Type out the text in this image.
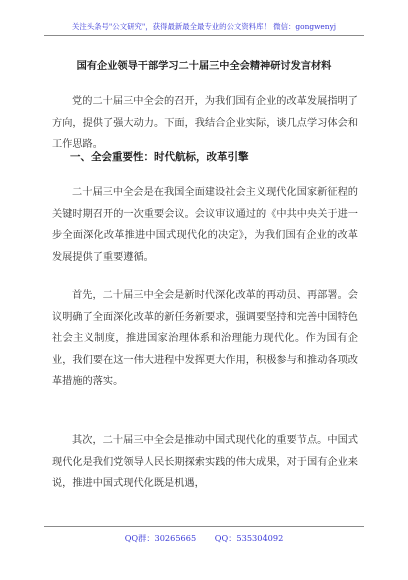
关注头条号"公文研究"，获得最新最全最专业的公文资料库！ 微信：gongwenyj
国有企业领导干部学习二十届三中全会精神研讨发言材料
党的二十届三中全会的召开，为我们国有企业的改革发展指明了方向，提供了强大动力。下面，我结合企业实际，谈几点学习体会和工作思路。
一、全会重要性：时代航标，改革引擎
二十届三中全会是在我国全面建设社会主义现代化国家新征程的关键时期召开的一次重要会议。会议审议通过的《中共中央关于进一步全面深化改革推进中国式现代化的决定》，为我们国有企业的改革发展提供了重要遵循。
首先，二十届三中全会是新时代深化改革的再动员、再部署。会议明确了全面深化改革的新任务新要求，强调要坚持和完善中国特色社会主义制度，推进国家治理体系和治理能力现代化。作为国有企业，我们要在这一伟大进程中发挥更大作用，积极参与和推动各项改革措施的落实。
其次，二十届三中全会是推动中国式现代化的重要节点。中国式现代化是我们党领导人民长期探索实践的伟大成果，对于国有企业来说，推进中国式现代化既是机遇，
QQ群：30265665 QQ：535304092
